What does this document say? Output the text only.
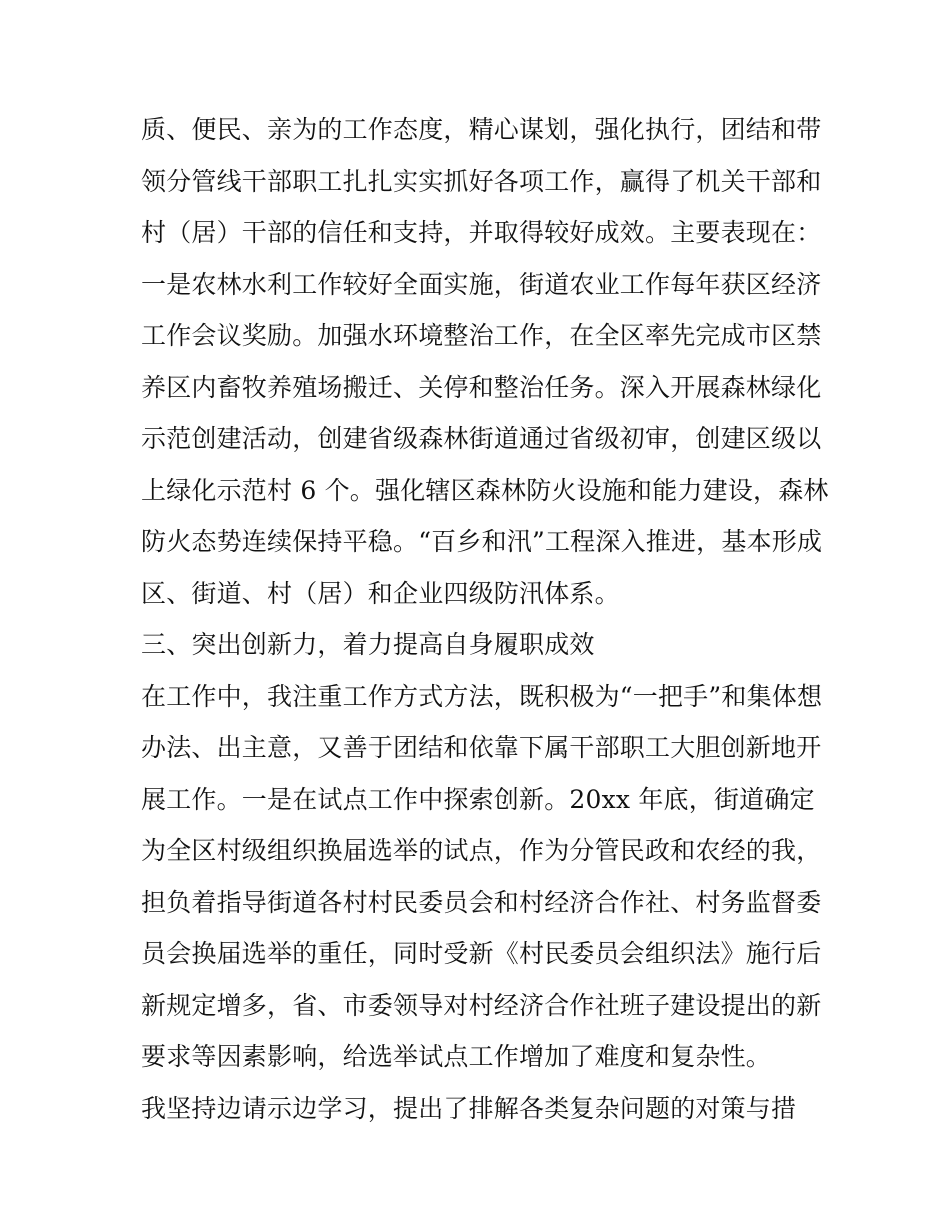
质、便民、亲为的工作态度，精心谋划，强化执行，团结和带
领分管线干部职工扎扎实实抓好各项工作，赢得了机关干部和
村（居）干部的信任和支持，并取得较好成效。主要表现在：
一是农林水利工作较好全面实施，街道农业工作每年获区经济
工作会议奖励。加强水环境整治工作，在全区率先完成市区禁
养区内畜牧养殖场搬迁、关停和整治任务。深入开展森林绿化
示范创建活动，创建省级森林街道通过省级初审，创建区级以
上绿化示范村 6 个。强化辖区森林防火设施和能力建设，森林
防火态势连续保持平稳。“百乡和汛”工程深入推进，基本形成
区、街道、村（居）和企业四级防汛体系。
三、突出创新力，着力提高自身履职成效
在工作中，我注重工作方式方法，既积极为“一把手”和集体想
办法、出主意，又善于团结和依靠下属干部职工大胆创新地开
展工作。一是在试点工作中探索创新。20xx 年底，街道确定
为全区村级组织换届选举的试点，作为分管民政和农经的我，
担负着指导街道各村村民委员会和村经济合作社、村务监督委
员会换届选举的重任，同时受新《村民委员会组织法》施行后
新规定增多，省、市委领导对村经济合作社班子建设提出的新
要求等因素影响，给选举试点工作增加了难度和复杂性。
我坚持边请示边学习，提出了排解各类复杂问题的对策与措
